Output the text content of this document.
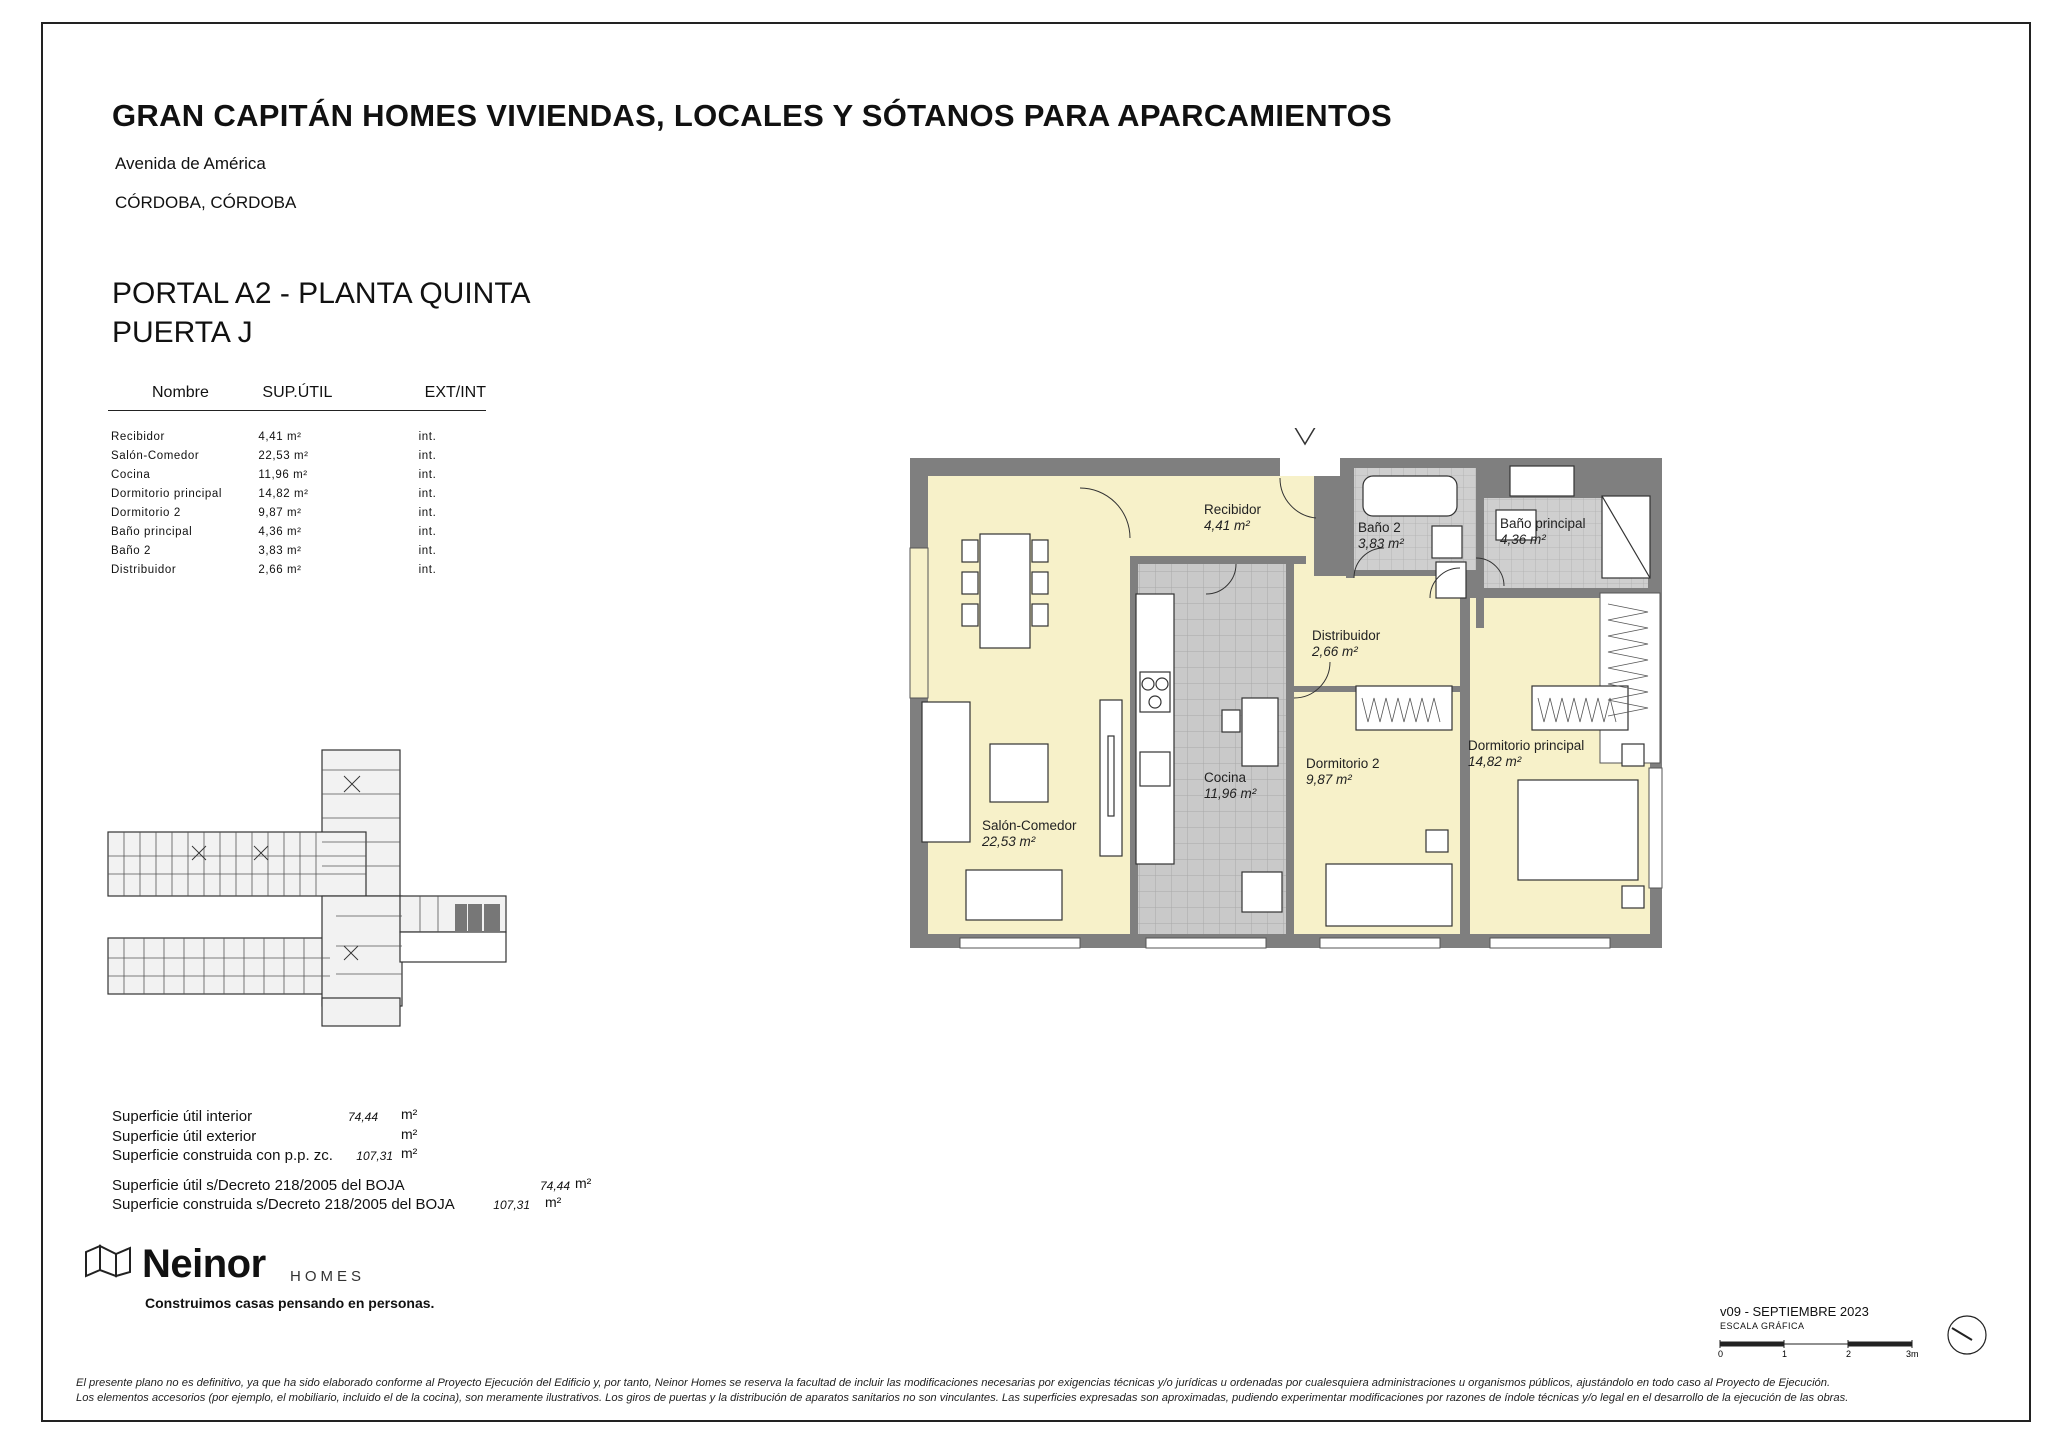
GRAN CAPITÁN HOMES VIVIENDAS, LOCALES Y SÓTANOS PARA APARCAMIENTOS
Avenida de América
CÓRDOBA, CÓRDOBA
PORTAL A2 - PLANTA QUINTA
PUERTA J
Nombre	SUP.ÚTIL	EXT/INT

Recibidor	4,41 m²	int.
Salón-Comedor	22,53 m²	int.
Cocina	11,96 m²	int.
Dormitorio principal	14,82 m²	int.
Dormitorio 2	9,87 m²	int.
Baño principal	4,36 m²	int.
Baño 2	3,83 m²	int.
Distribuidor	2,66 m²	int.
Superficie útil interior	74,44 m²
Superficie útil exterior	m²
Superficie construida con p.p. zc.	107,31 m²
Superficie útil s/Decreto 218/2005 del BOJA	74,44 m²
Superficie construida s/Decreto 218/2005 del BOJA	107,31 m²
Neinor HOMES
Construimos casas pensando en personas.
Recibidor
4,41 m²
Salón-Comedor
22,53 m²
Cocina
11,96 m²
Distribuidor
2,66 m²
Baño 2
3,83 m²
Baño principal
4,36 m²
Dormitorio 2
9,87 m²
Dormitorio principal
14,82 m²
v09 - SEPTIEMBRE 2023
ESCALA GRÁFICA
0	1	2	3m
El presente plano no es definitivo, ya que ha sido elaborado conforme al Proyecto Ejecución del Edificio y, por tanto, Neinor Homes se reserva la facultad de incluir las modificaciones necesarias por exigencias técnicas y/o jurídicas u ordenadas por cualesquiera administraciones u organismos públicos, ajustándolo en todo caso al Proyecto de Ejecución.
Los elementos accesorios (por ejemplo, el mobiliario, incluido el de la cocina), son meramente ilustrativos. Los giros de puertas y la distribución de aparatos sanitarios no son vinculantes. Las superficies expresadas son aproximadas, pudiendo experimentar modificaciones por razones de índole técnicas y/o legal en el desarrollo de la ejecución de las obras.
